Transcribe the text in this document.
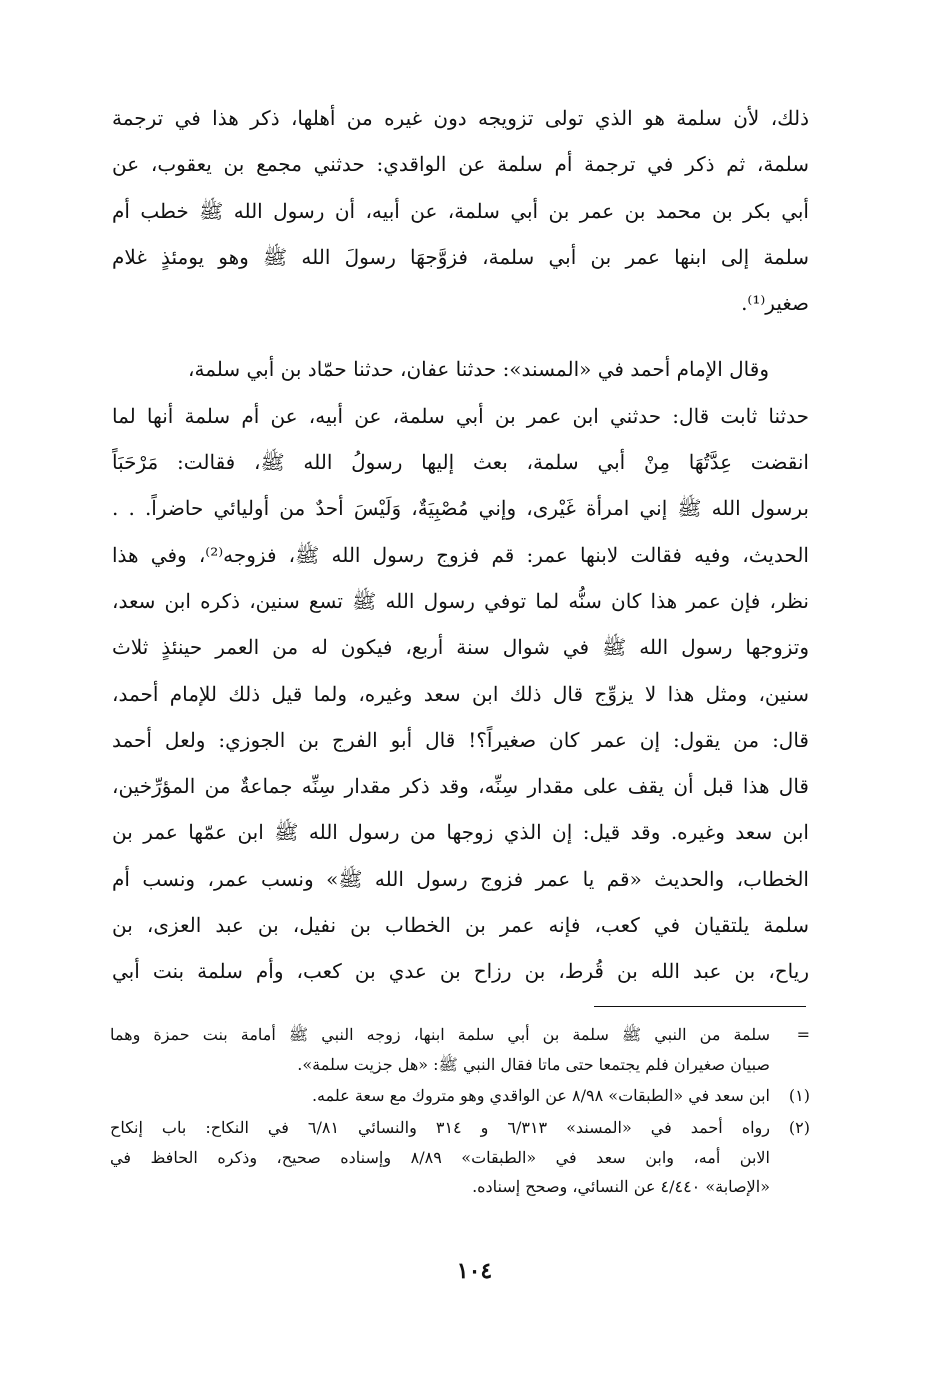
ذلك، لأن سلمة هو الذي تولى تزويجه دون غيره من أهلها، ذكر هذا في ترجمة
سلمة، ثم ذكر في ترجمة أم سلمة عن الواقدي: حدثني مجمع بن يعقوب، عن
أبي بكر بن محمد بن عمر بن أبي سلمة، عن أبيه، أن رسول الله ﷺ خطب أم
سلمة إلى ابنها عمر بن أبي سلمة، فزوَّجهَا رسولَ الله ﷺ وهو يومئذٍ غلام
صغير⁽¹⁾.

وقال الإمام أحمد في «المسند»: حدثنا عفان، حدثنا حمّاد بن أبي سلمة،
حدثنا ثابت قال: حدثني ابن عمر بن أبي سلمة، عن أبيه، عن أم سلمة أنها لما
انقضت عِدَّتُهَا مِنْ أبي سلمة، بعث إليها رسولُ الله ﷺ، فقالت: مَرْحَبَاً
برسول الله ﷺ إني امرأة غَيْرى، وإني مُصْبِيَةٌ، وَلَيْسَ أحدٌ من أوليائي حاضراً. . .
الحديث، وفيه فقالت لابنها عمر: قم فزوج رسول الله ﷺ، فزوجه⁽²⁾، وفي هذا
نظر، فإن عمر هذا كان سنُّه لما توفي رسول الله ﷺ تسع سنين، ذكره ابن سعد،
وتزوجها رسول الله ﷺ في شوال سنة أربع، فيكون له من العمر حينئذٍ ثلاث
سنين، ومثل هذا لا يزوِّج قال ذلك ابن سعد وغيره، ولما قيل ذلك للإمام أحمد،
قال: من يقول: إن عمر كان صغيراً؟! قال أبو الفرج بن الجوزي: ولعل أحمد
قال هذا قبل أن يقف على مقدار سِنِّه، وقد ذكر مقدار سِنِّه جماعةٌ من المؤرِّخين،
ابن سعد وغيره. وقد قيل: إن الذي زوجها من رسول الله ﷺ ابن عمّها عمر بن
الخطاب، والحديث «قم يا عمر فزوج رسول الله ﷺ» ونسب عمر، ونسب أم
سلمة يلتقيان في كعب، فإنه عمر بن الخطاب بن نفيل، بن عبد العزى، بن
رياح، بن عبد الله بن قُرط، بن رزاح بن عدي بن كعب، وأم سلمة بنت أبي

=
سلمة من النبي ﷺ سلمة بن أبي سلمة ابنها، زوجه النبي ﷺ أمامة بنت حمزة وهما
صبيان صغيران فلم يجتمعا حتى ماتا فقال النبي ﷺ: «هل جزيت سلمة».
(١)
ابن سعد في «الطبقات» ٨/٩٨ عن الواقدي وهو متروك مع سعة علمه.
(٢)
رواه أحمد في «المسند» ٦/٣١٣ و ٣١٤ والنسائي ٦/٨١ في النكاح: باب إنكاح
الابن أمه، وابن سعد في «الطبقات» ٨/٨٩ وإسناده صحيح، وذكره الحافظ في
«الإصابة» ٤/٤٤٠ عن النسائي، وصحح إسناده.
١٠٤
